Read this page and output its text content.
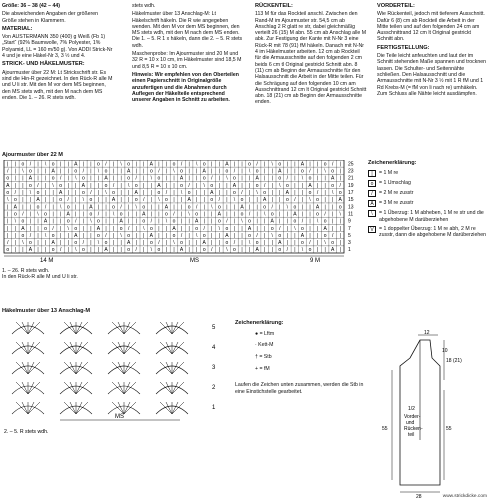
Größe: 36 – 38 (42 – 44)

Die abweichenden Angaben der größeren Größe stehen in Klammern.

MATERIAL:

Von AUSTERMANN 350 (400) g Weiß (Fb 1) „Start“ (92% Baumwolle, 7% Polyester, 1% Polyamid, LL = 160 m/50 g). Von ADDI Strick-Nr 4 und je eine Häkel-Nr 3, 3 ½ und 4.

STRICK- UND HÄKELMUSTER:

Ajourmuster über 22 M: Lt Strickschrift str. Es sind die Hin-R gezeichnet. In den Rück-R alle M und U li str. Mit den M vor dem MS beginnen, den MS stets wdh, mit den M nach dem MS enden. Die 1. – 26. R stets wdh.

stets wdh.

Häkelmuster über 13 Anschlag-M: Lt Häkelschrift häkeln. Die R wie angegeben wenden. Mit den M vor dem MS beginnen, den MS stets wdh, mit den M nach dem MS enden. Die 1. – 5. R 1 x häkeln, dann die 2. – 5. R stets wdh.

Maschenprobe: Im Ajourmuster sind 20 M und 32 R = 10 x 10 cm, im Häkelmuster sind 18,5 M und 8,5 R = 10 x 10 cm.

Hinweis: Wir empfehlen von den Oberteilen einen Papierschnitt in Originalgröße anzufertigen und die Abnahmen durch Auflegen der Häkelteile entsprechend unserer Angaben in Schnitt zu arbeiten.

RÜCKENTEIL:

113 M für das Rockteil anschl. Zwischen den Rand-M im Ajourmuster str. 54,5 cm ab Anschlag 2 R glatt re str, dabei gleichmäßig verteilt 26 (15) M abn. 55 cm ab Anschlag alle M abk. Zur Festigung der Kante mit N-Nr 3 eine Rück-R mit 78 (91) fM häkeln. Danach mit N-Nr 4 im Häkelmuster arbeiten. 12 cm ab Rockteil für die Armausschnitte auf den folgenden 2 cm beids 6 cm tl Original gestrickt Schnitt abn. 8 (11) cm ab Beginn der Armausschnitte für den Halsausschnitt die Arbeit in der Mitte teilen. Für die Schrägung auf den folgenden 10 cm am Ausschnittrand 12 cm lt Original gestrickt Schnitt abn. 18 (21) cm ab Beginn der Armausschnitte enden.

VORDERTEIL:

Wie Rückenteil, jedoch mit tieferem Ausschnitt. Dafür 6 (8) cm ab Rockteil die Arbeit in der Mitte teilen und auf den folgenden 24 cm am Ausschnittrand 12 cm lt Original gestrickt Schnitt abn.

FERTIGSTELLUNG:

Die Teile leicht anfeuchten und laut der im Schnitt stehenden Maße spannen und trocknen lassen. Die Schulter- und Seitennähte schließen. Den Halsausschnitt und die Armausschnitte mit N-Nr 3 ½ mit 1 R fM und 1 Rd Krebs-M (= fM von li nach re) umhäkeln. Zum Schluss alle Nähte leicht ausdämpfen.

Ajourmuster über 22 M
| | o / | \ o | | A | | o / | \ o | | A | | o / | \ o | | A | | o / | \ o | | A | | o / | 25
/ | \ o | | A | | o / | \ o | | A | | o / | \ o | | A | | o / | \ o | | A | | o / | \ o | 23
o | | A | | o / | \ o | | A | | o / | \ o | | A | | o / | \ o | | A | | o / | \ o | | A | 21
A | | o / | \ o | | A | | o / | \ o | | A | | o / | \ o | | A | | o / | \ o | | A | | o / 19
o / | \ o | | A | | o / | \ o | | A | | o / | \ o | | A | | o / | \ o | | A | | o / | \ o 17
\ o | | A | | o / | \ o | | A | | o / | \ o | | A | | o / | \ o | | A | | o / | \ o | | A 15
| A | | o / | \ o | | A | | o / | \ o | | A | | o / | \ o | | A | | o / | \ o | | A | | o 13
| o / | \ o | | A | | o / | \ o | | A | | o / | \ o | | A | | o / | \ o | | A | | o / | \ 11
| \ o | | A | | o / | \ o | | A | | o / | \ o | | A | | o / | \ o | | A | | o / | \ o | | 9
| | A | | o / | \ o | | A | | o / | \ o | | A | | o / | \ o | | A | | o / | \ o | | A | | 7
| | o / | \ o | | A | | o / | \ o | | A | | o / | \ o | | A | | o / | \ o | | A | | o / | 5
/ | \ o | | A | | o / | \ o | | A | | o / | \ o | | A | | o / | \ o | | A | | o / | \ o | 3
o | | A | | o / | \ o | | A | | o / | \ o | | A | | o / | \ o | | A | | o / | \ o | | A | 1
14 M	MS	9 M
Zeichenerklärung:
|	= 1 M re
o	= 1 Umschlag
/	= 2 M re zusstr
A	= 3 M re zusstr
\	= 1 Überzug: 1 M abheben, 1 M re str und die abgehobene M darüberziehen
V	= 1 doppelter Überzug: 1 M re abh, 2 M re zusstr, dann die abgehobene M darüberziehen
1. – 26. R stets wdh.
In den Rück-R alle M und U li str.
Häkelmuster über 13 Anschlag-M
5
4
3
2
1
MS
2. – 5. R stets wdh.
Zeichenerklärung:
● = Lftm
· Kett-M
† = Stb
+ = fM
Laufen die Zeichen unten zusammen, werden die Stb in eine Einstichstelle gearbeitet.
12
10
18 (21)
55
55
28
1/2
Vorder-
und
Rücken-
teil
www.strickdicke.com
